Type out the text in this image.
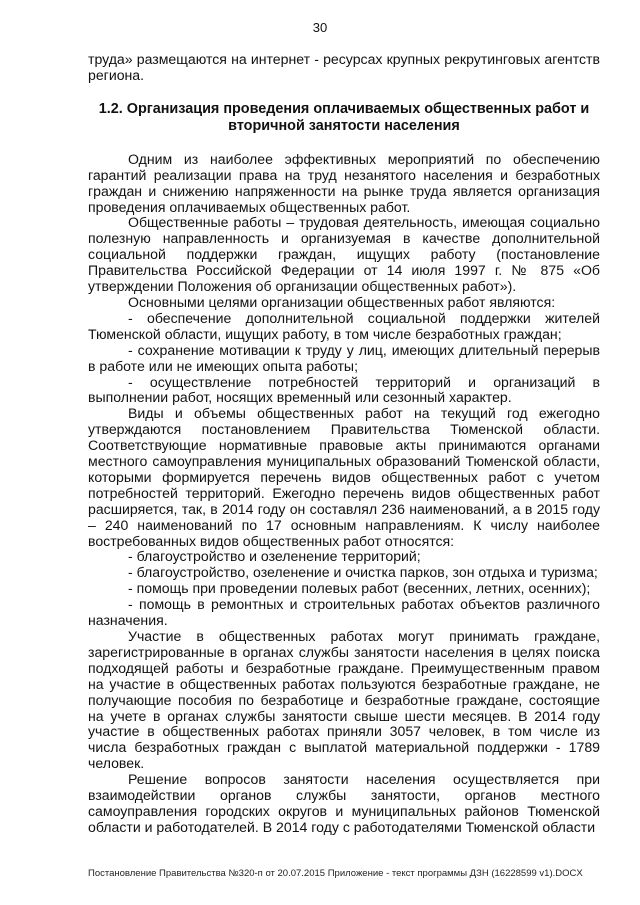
30

труда» размещаются на интернет - ресурсах крупных рекрутинговых агентств региона.

1.2. Организация проведения оплачиваемых общественных работ и вторичной занятости населения

Одним из наиболее эффективных мероприятий по обеспечению гарантий реализации права на труд незанятого населения и безработных граждан и снижению напряженности на рынке труда является организация проведения оплачиваемых общественных работ.

Общественные работы – трудовая деятельность, имеющая социально полезную направленность и организуемая в качестве дополнительной социальной поддержки граждан, ищущих работу (постановление Правительства Российской Федерации от 14 июля 1997 г. № 875 «Об утверждении Положения об организации общественных работ»).

Основными целями организации общественных работ являются:

- обеспечение дополнительной социальной поддержки жителей Тюменской области, ищущих работу, в том числе безработных граждан;

- сохранение мотивации к труду у лиц, имеющих длительный перерыв в работе или не имеющих опыта работы;

- осуществление потребностей территорий и организаций в выполнении работ, носящих временный или сезонный характер.

Виды и объемы общественных работ на текущий год ежегодно утверждаются постановлением Правительства Тюменской области. Соответствующие нормативные правовые акты принимаются органами местного самоуправления муниципальных образований Тюменской области, которыми формируется перечень видов общественных работ с учетом потребностей территорий. Ежегодно перечень видов общественных работ расширяется, так, в 2014 году он составлял 236 наименований, а в 2015 году – 240 наименований по 17 основным направлениям. К числу наиболее востребованных видов общественных работ относятся:

- благоустройство и озеленение территорий;

- благоустройство, озеленение и очистка парков, зон отдыха и туризма;

- помощь при проведении полевых работ (весенних, летних, осенних);

- помощь в ремонтных и строительных работах объектов различного назначения.

Участие в общественных работах могут принимать граждане, зарегистрированные в органах службы занятости населения в целях поиска подходящей работы и безработные граждане. Преимущественным правом на участие в общественных работах пользуются безработные граждане, не получающие пособия по безработице и безработные граждане, состоящие на учете в органах службы занятости свыше шести месяцев. В 2014 году участие в общественных работах приняли 3057 человек, в том числе из числа безработных граждан с выплатой материальной поддержки - 1789 человек.

Решение вопросов занятости населения осуществляется при взаимодействии органов службы занятости, органов местного самоуправления городских округов и муниципальных районов Тюменской области и работодателей. В 2014 году с работодателями Тюменской области

Постановление Правительства №320-п от 20.07.2015 Приложение - текст программы ДЗН (16228599 v1).DOCX
